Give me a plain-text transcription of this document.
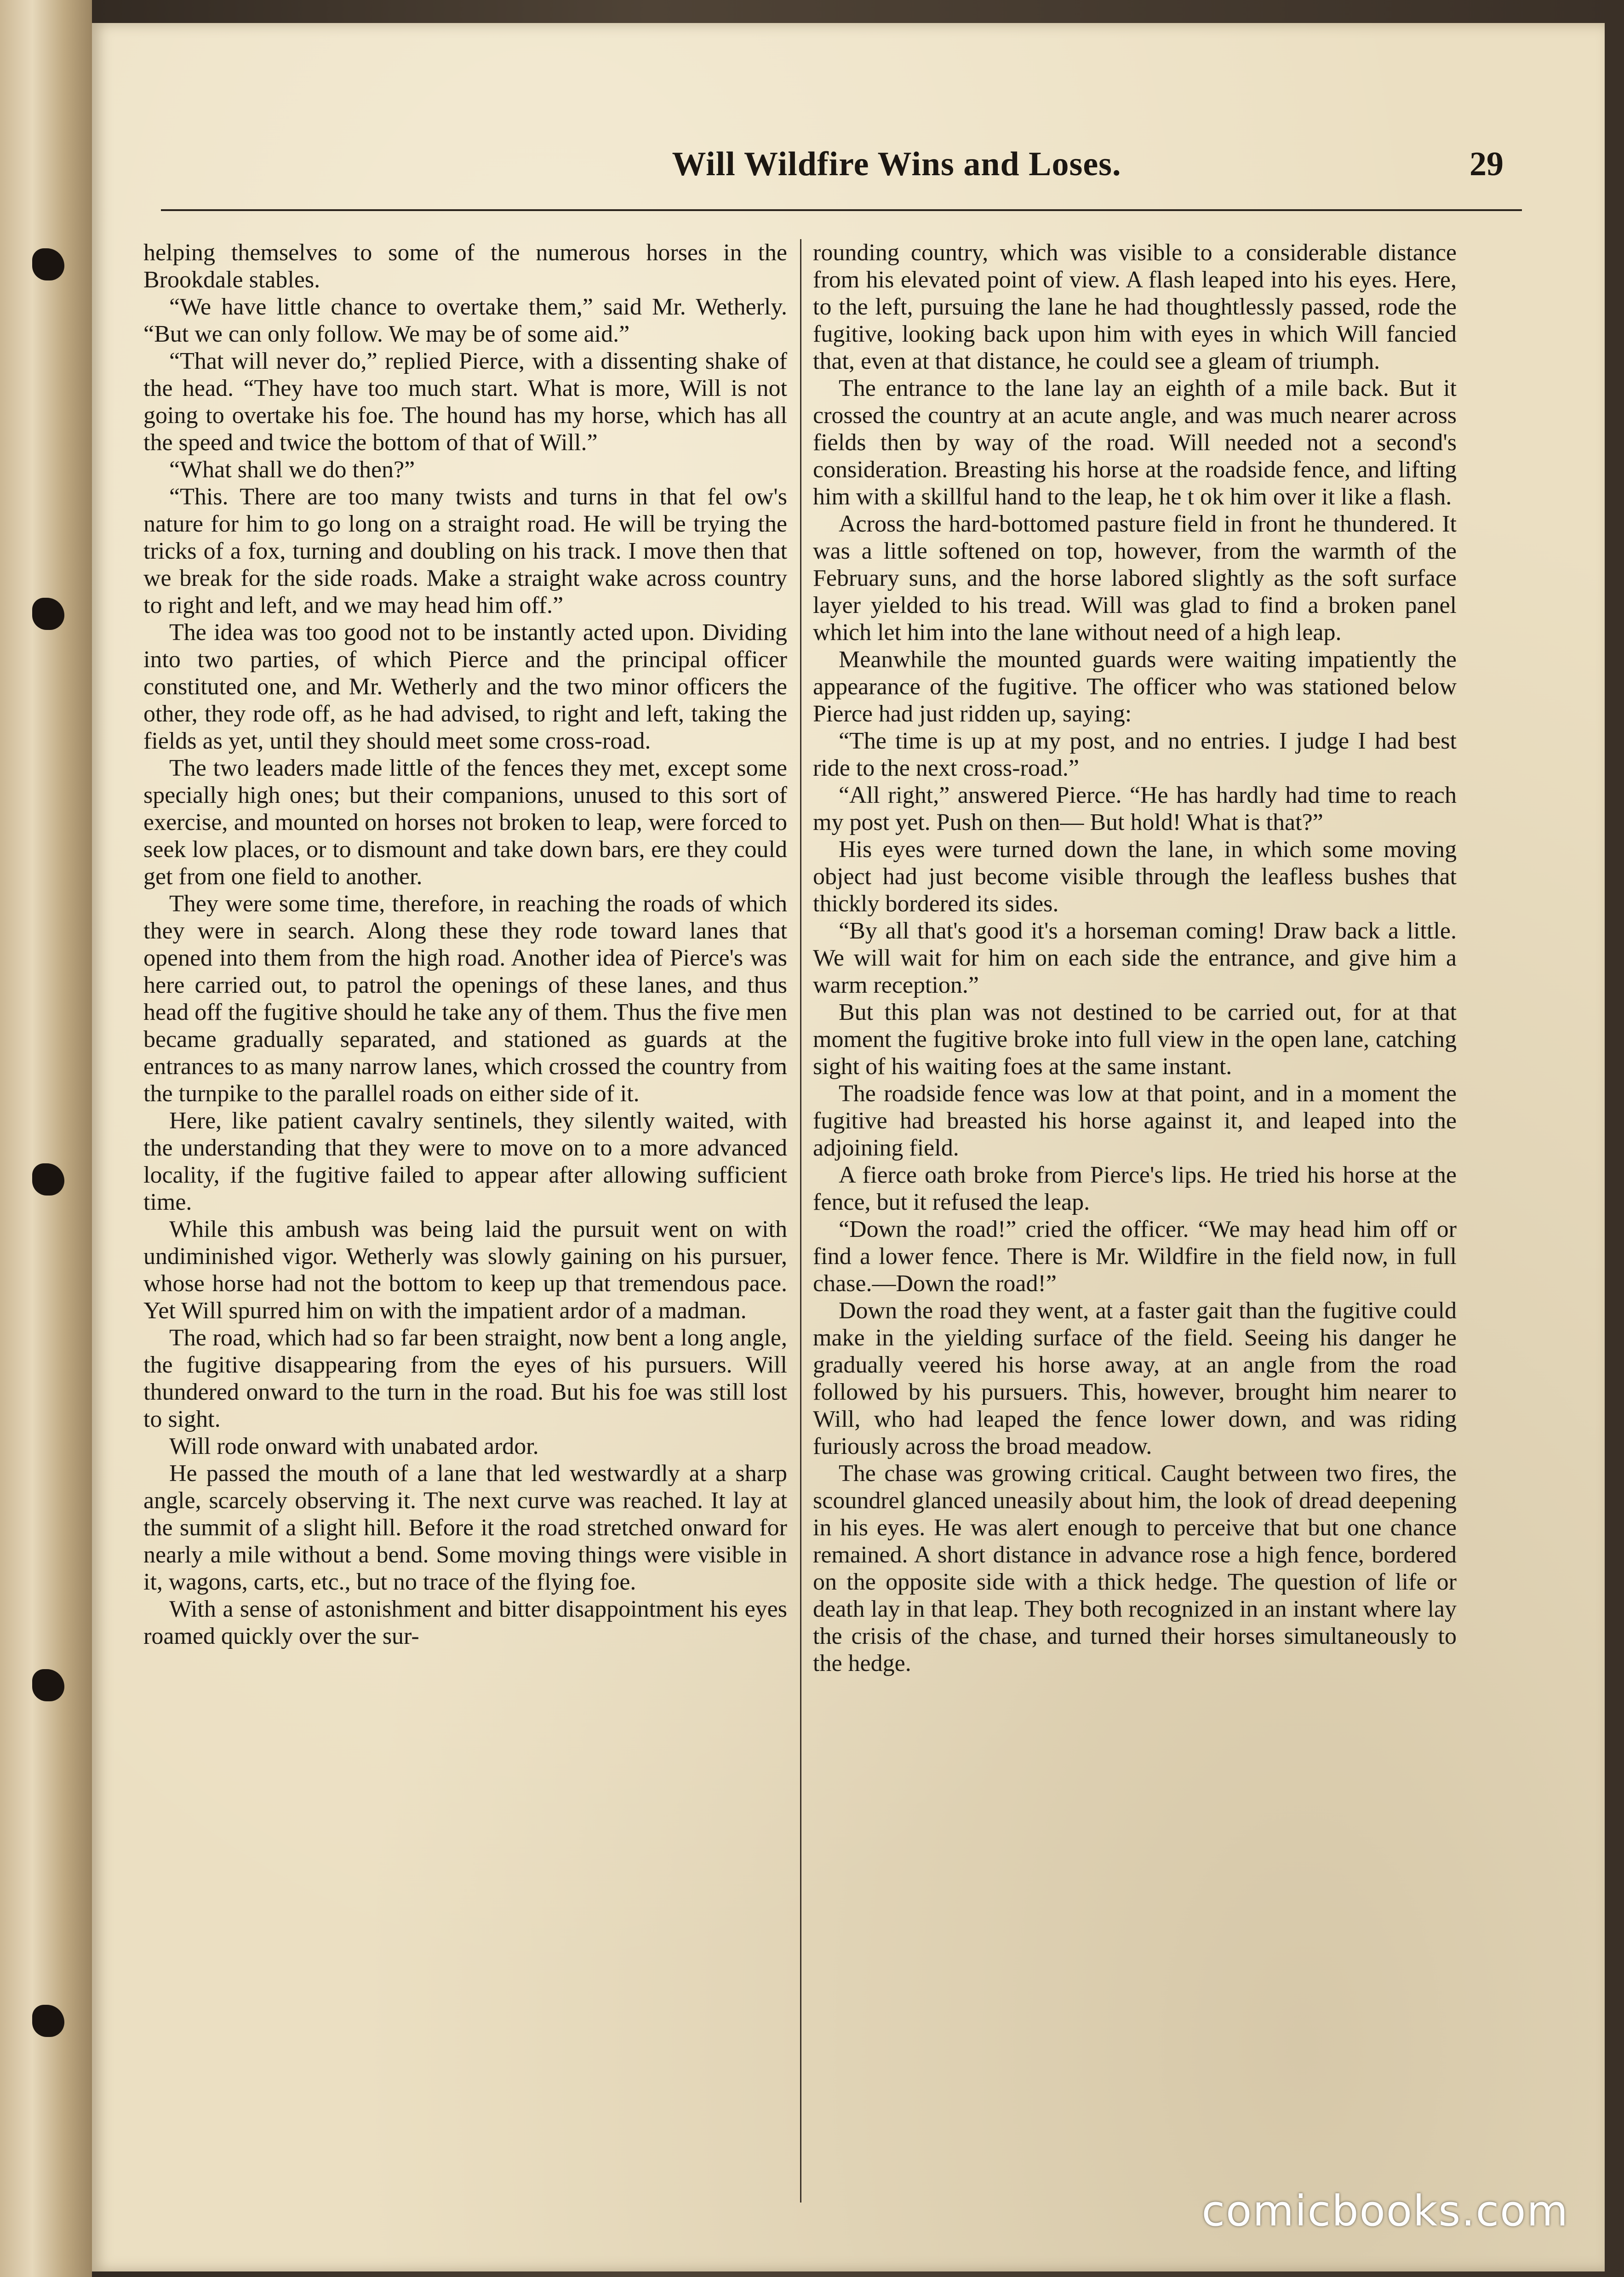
Will Wildfire Wins and Loses.	29

helping themselves to some of the numerous horses in the Brookdale stables.

“We have little chance to overtake them,” said Mr. Wetherly. “But we can only follow. We may be of some aid.”

“That will never do,” replied Pierce, with a dissenting shake of the head. “They have too much start. What is more, Will is not going to overtake his foe. The hound has my horse, which has all the speed and twice the bottom of that of Will.”

“What shall we do then?”

“This. There are too many twists and turns in that fel ow's nature for him to go long on a straight road. He will be trying the tricks of a fox, turning and doubling on his track. I move then that we break for the side roads. Make a straight wake across country to right and left, and we may head him off.”

The idea was too good not to be instantly acted upon. Dividing into two parties, of which Pierce and the principal officer constituted one, and Mr. Wetherly and the two minor officers the other, they rode off, as he had advised, to right and left, taking the fields as yet, until they should meet some cross-road.

The two leaders made little of the fences they met, except some specially high ones; but their companions, unused to this sort of exercise, and mounted on horses not broken to leap, were forced to seek low places, or to dismount and take down bars, ere they could get from one field to another.

They were some time, therefore, in reaching the roads of which they were in search. Along these they rode toward lanes that opened into them from the high road. Another idea of Pierce's was here carried out, to patrol the openings of these lanes, and thus head off the fugitive should he take any of them. Thus the five men became gradually separated, and stationed as guards at the entrances to as many narrow lanes, which crossed the country from the turnpike to the parallel roads on either side of it.

Here, like patient cavalry sentinels, they silently waited, with the understanding that they were to move on to a more advanced locality, if the fugitive failed to appear after allowing sufficient time.

While this ambush was being laid the pursuit went on with undiminished vigor. Wetherly was slowly gaining on his pursuer, whose horse had not the bottom to keep up that tremendous pace. Yet Will spurred him on with the impatient ardor of a madman.

The road, which had so far been straight, now bent a long angle, the fugitive disappearing from the eyes of his pursuers. Will thundered onward to the turn in the road. But his foe was still lost to sight.

Will rode onward with unabated ardor.

He passed the mouth of a lane that led westwardly at a sharp angle, scarcely observing it. The next curve was reached. It lay at the summit of a slight hill. Before it the road stretched onward for nearly a mile without a bend. Some moving things were visible in it, wagons, carts, etc., but no trace of the flying foe.

With a sense of astonishment and bitter disappointment his eyes roamed quickly over the sur-

rounding country, which was visible to a considerable distance from his elevated point of view. A flash leaped into his eyes. Here, to the left, pursuing the lane he had thoughtlessly passed, rode the fugitive, looking back upon him with eyes in which Will fancied that, even at that distance, he could see a gleam of triumph.

The entrance to the lane lay an eighth of a mile back. But it crossed the country at an acute angle, and was much nearer across fields then by way of the road. Will needed not a second's consideration. Breasting his horse at the roadside fence, and lifting him with a skillful hand to the leap, he t ok him over it like a flash.

Across the hard-bottomed pasture field in front he thundered. It was a little softened on top, however, from the warmth of the February suns, and the horse labored slightly as the soft surface layer yielded to his tread. Will was glad to find a broken panel which let him into the lane without need of a high leap.

Meanwhile the mounted guards were waiting impatiently the appearance of the fugitive. The officer who was stationed below Pierce had just ridden up, saying:

“The time is up at my post, and no entries. I judge I had best ride to the next cross-road.”

“All right,” answered Pierce. “He has hardly had time to reach my post yet. Push on then— But hold! What is that?”

His eyes were turned down the lane, in which some moving object had just become visible through the leafless bushes that thickly bordered its sides.

“By all that's good it's a horseman coming! Draw back a little. We will wait for him on each side the entrance, and give him a warm reception.”

But this plan was not destined to be carried out, for at that moment the fugitive broke into full view in the open lane, catching sight of his waiting foes at the same instant.

The roadside fence was low at that point, and in a moment the fugitive had breasted his horse against it, and leaped into the adjoining field.

A fierce oath broke from Pierce's lips. He tried his horse at the fence, but it refused the leap.

“Down the road!” cried the officer. “We may head him off or find a lower fence. There is Mr. Wildfire in the field now, in full chase.—Down the road!”

Down the road they went, at a faster gait than the fugitive could make in the yielding surface of the field. Seeing his danger he gradually veered his horse away, at an angle from the road followed by his pursuers. This, however, brought him nearer to Will, who had leaped the fence lower down, and was riding furiously across the broad meadow.

The chase was growing critical. Caught between two fires, the scoundrel glanced uneasily about him, the look of dread deepening in his eyes. He was alert enough to perceive that but one chance remained. A short distance in advance rose a high fence, bordered on the opposite side with a thick hedge. The question of life or death lay in that leap. They both recognized in an instant where lay the crisis of the chase, and turned their horses simultaneously to the hedge.

comicbooks.com
